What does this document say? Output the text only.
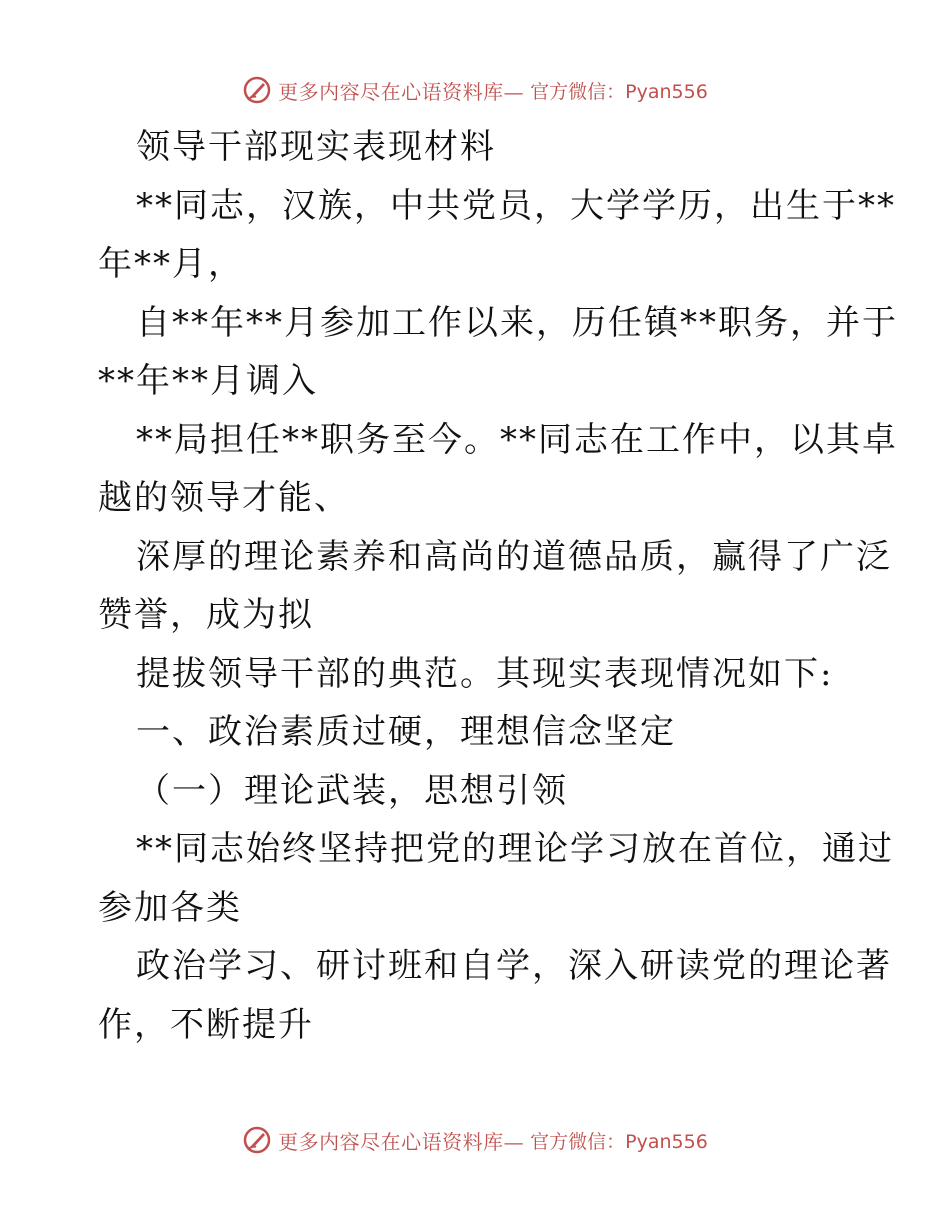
更多内容尽在心语资料库— 官方微信：Pyan556
领导干部现实表现材料
**同志，汉族，中共党员，大学学历，出生于**
年**月，
自**年**月参加工作以来，历任镇**职务，并于
**年**月调入
**局担任**职务至今。**同志在工作中，以其卓
越的领导才能、
深厚的理论素养和高尚的道德品质，赢得了广泛
赞誉，成为拟
提拔领导干部的典范。其现实表现情况如下:
一、政治素质过硬，理想信念坚定
（一）理论武装，思想引领
**同志始终坚持把党的理论学习放在首位，通过
参加各类
政治学习、研讨班和自学，深入研读党的理论著
作，不断提升
更多内容尽在心语资料库— 官方微信：Pyan556
